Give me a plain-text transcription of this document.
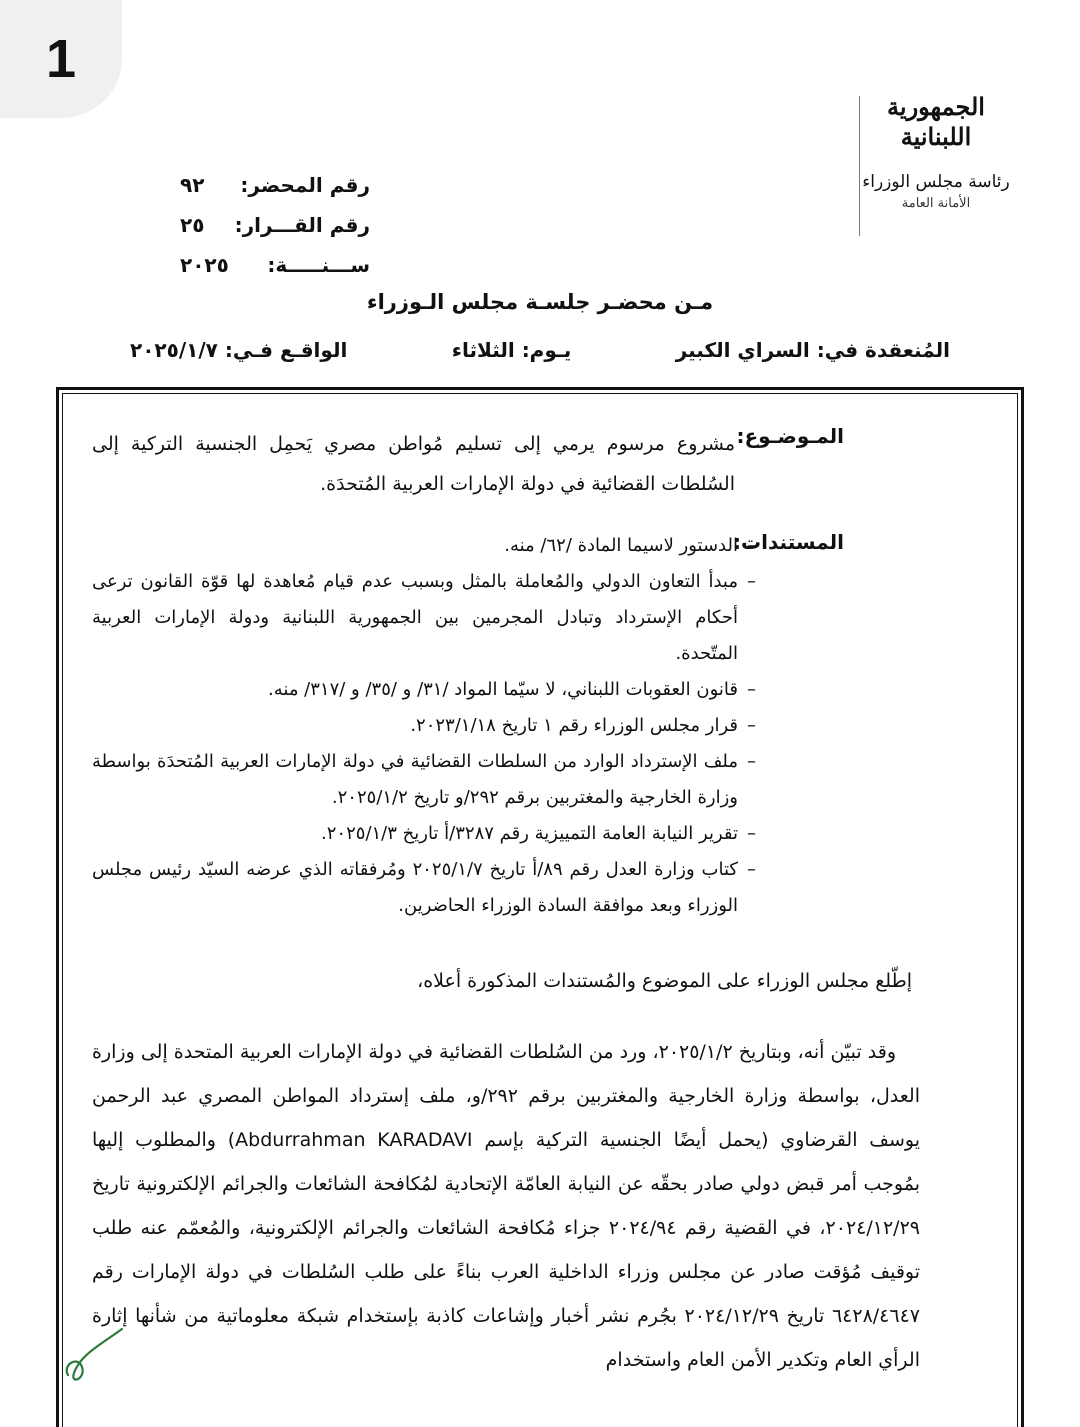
1
الجمهورية
اللبنانية
رئاسة مجلس الوزراء
الأمانة العامة
رقم المحضر:
٩٢
رقم القـــرار:
٢٥
ســـنـــــة:
٢٠٢٥
مـن محضـر جلسـة مجلس الـوزراء
المُنعقدة في: السراي الكبير
يـوم: الثلاثاء
الواقـع فـي: ٢٠٢٥/١/٧
المـوضـوع:
مشروع مرسوم يرمي إلى تسليم مُواطن مصري يَحمِل الجنسية التركية إلى السُلطات القضائية في دولة الإمارات العربية المُتحدَة.
المستندات:
– الدستور لاسيما المادة /٦٢/ منه.
– مبدأ التعاون الدولي والمُعاملة بالمثل وبسبب عدم قيام مُعاهدة لها قوّة القانون ترعى أحكام الإسترداد وتبادل المجرمين بين الجمهورية اللبنانية ودولة الإمارات العربية المتّحدة.
– قانون العقوبات اللبناني، لا سيّما المواد /٣١/ و /٣٥/ و /٣١٧/ منه.
– قرار مجلس الوزراء رقم ١ تاريخ ٢٠٢٣/١/١٨.
– ملف الإسترداد الوارد من السلطات القضائية في دولة الإمارات العربية المُتحدَة بواسطة وزارة الخارجية والمغتربين برقم ٢٩٢/و تاريخ ٢٠٢٥/١/٢.
– تقرير النيابة العامة التمييزية رقم ٣٢٨٧/أ تاريخ ٢٠٢٥/١/٣.
– كتاب وزارة العدل رقم ٨٩/أ تاريخ ٢٠٢٥/١/٧ ومُرفقاته الذي عرضه السيّد رئيس مجلس الوزراء وبعد موافقة السادة الوزراء الحاضرين.
إطّلع مجلس الوزراء على الموضوع والمُستندات المذكورة أعلاه،
وقد تبيّن أنه، وبتاريخ ٢٠٢٥/١/٢، ورد من السُلطات القضائية في دولة الإمارات العربية المتحدة إلى وزارة العدل، بواسطة وزارة الخارجية والمغتربين برقم ٢٩٢/و، ملف إسترداد المواطن المصري عبد الرحمن يوسف القرضاوي (يحمل أيضًا الجنسية التركية بإسم Abdurrahman KARADAVI) والمطلوب إليها بمُوجب أمر قبض دولي صادر بحقّه عن النيابة العامّة الإتحادية لمُكافحة الشائعات والجرائم الإلكترونية تاريخ ٢٠٢٤/١٢/٢٩، في القضية رقم ٢٠٢٤/٩٤ جزاء مُكافحة الشائعات والجرائم الإلكترونية، والمُعمّم عنه طلب توقيف مُؤقت صادر عن مجلس وزراء الداخلية العرب بناءً على طلب السُلطات في دولة الإمارات رقم ٦٤٢٨/٤٦٤٧ تاريخ ٢٠٢٤/١٢/٢٩ بجُرم نشر أخبار وإشاعات كاذبة بإستخدام شبكة معلوماتية من شأنها إثارة الرأي العام وتكدير الأمن العام واستخدام
